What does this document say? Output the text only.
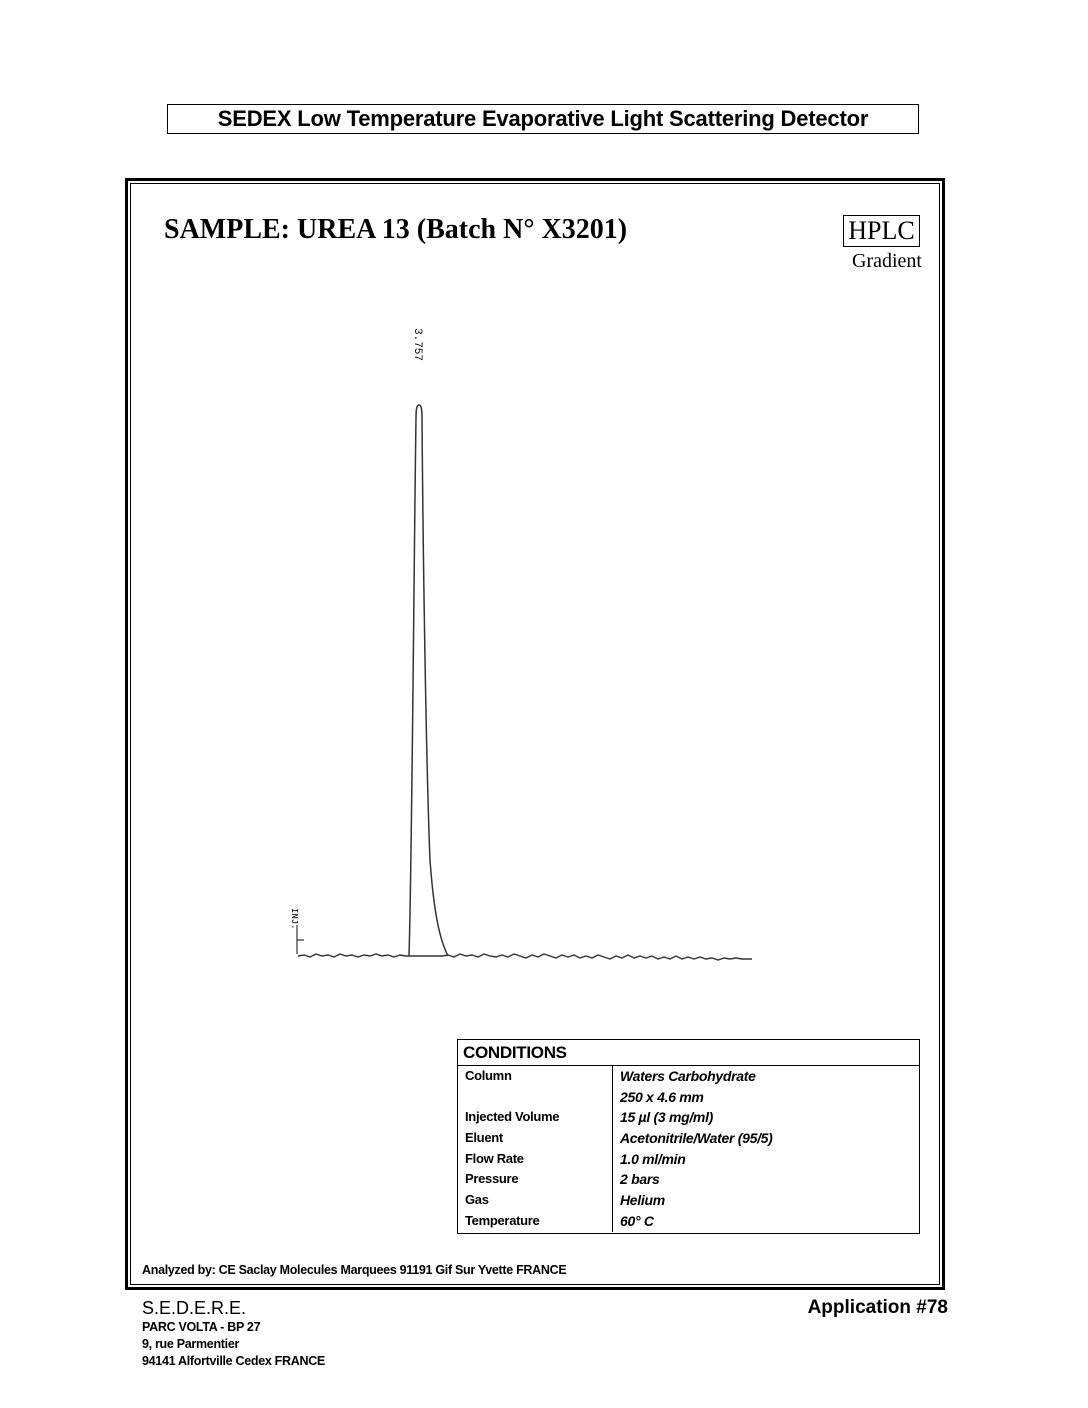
SEDEX Low Temperature Evaporative Light Scattering Detector
SAMPLE: UREA 13 (Batch N° X3201)	HPLC
Gradient
INJ.
3.757
CONDITIONS
Column	Waters Carbohydrate
250 x 4.6 mm
Injected Volume	15 µl (3 mg/ml)
Eluent	Acetonitrile/Water (95/5)
Flow Rate	1.0 ml/min
Pressure	2 bars
Gas	Helium
Temperature	60° C
Analyzed by: CE Saclay Molecules Marquees 91191 Gif Sur Yvette FRANCE
S.E.D.E.R.E.
PARC VOLTA - BP 27
9, rue Parmentier
94141 Alfortville Cedex FRANCE
Application #78
